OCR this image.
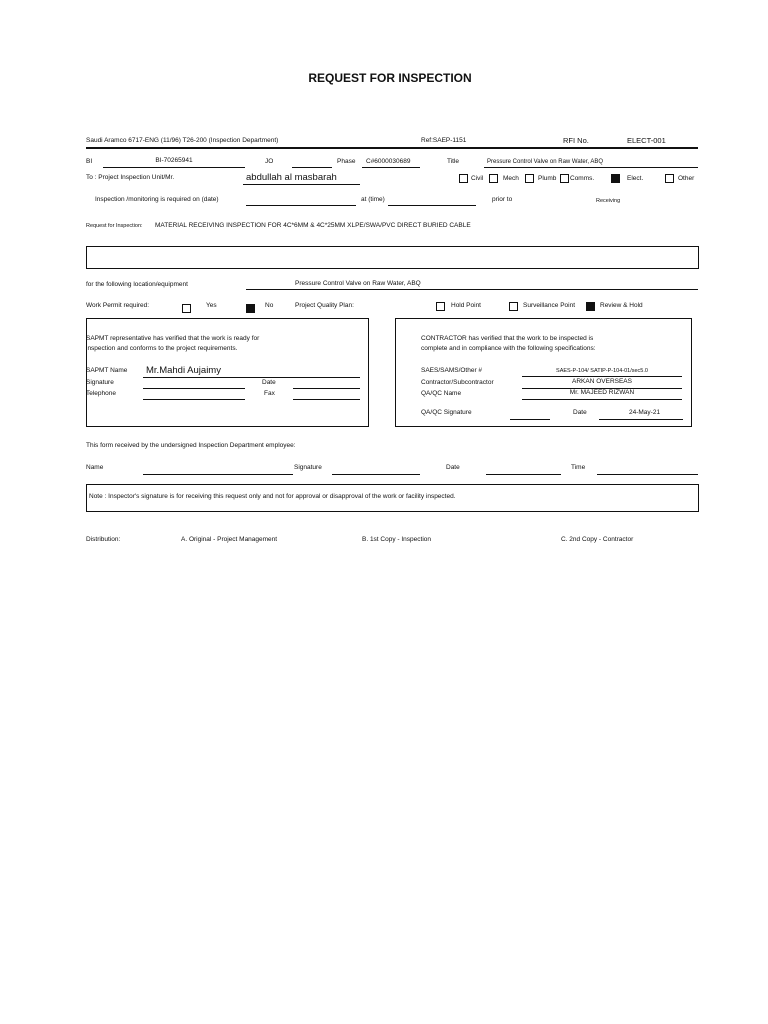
REQUEST FOR INSPECTION
Saudi Aramco 6717-ENG (11/96) T26-200 (Inspection Department)	Ref:SAEP-1151	RFI No.	ELECT-001
BI	BI-70265941	JO	Phase C#6000030689	Title	Pressure Control Valve on Raw Water, ABQ
To : Project Inspection Unit/Mr.	abdullah al masbarah	Civil	Mech	Plumb Comms.	Elect.	Other
Inspection /monitoring is required on (date)	at (time)	prior to	Receiving
Request for Inspection: MATERIAL RECEIVING INSPECTION FOR 4C*6MM & 4C*25MM XLPE/SWA/PVC DIRECT BURIED CABLE
for the following location/equipment	Pressure Control Valve on Raw Water, ABQ
Work Permit required:	Yes	No	Project Quality Plan:	Hold Point	Surveillance Point	Review & Hold
SAPMT representative has verified that the work is ready for
inspection and conforms to the project requirements.
SAPMT Name Mr.Mahdi Aujaimy
Signature	Date
Telephone	Fax
CONTRACTOR has verified that the work to be inspected is
complete and in compliance with the following specifications:
SAES/SAMS/Other #	SAES-P-104/ SATIP-P-104-01/sec5.0
Contractor/Subcontractor	ARKAN OVERSEAS
QA/QC Name	Mr. MAJEED RIZWAN
QA/QC Signature	Date	24-May-21
This form received by the undersigned Inspection Department employee:
Name	Signature	Date	Time
Note : Inspector's signature is for receiving this request only and not for approval or disapproval of the work or facility inspected.
Distribution:	A. Original - Project Management	B. 1st Copy - Inspection	C. 2nd Copy - Contractor
